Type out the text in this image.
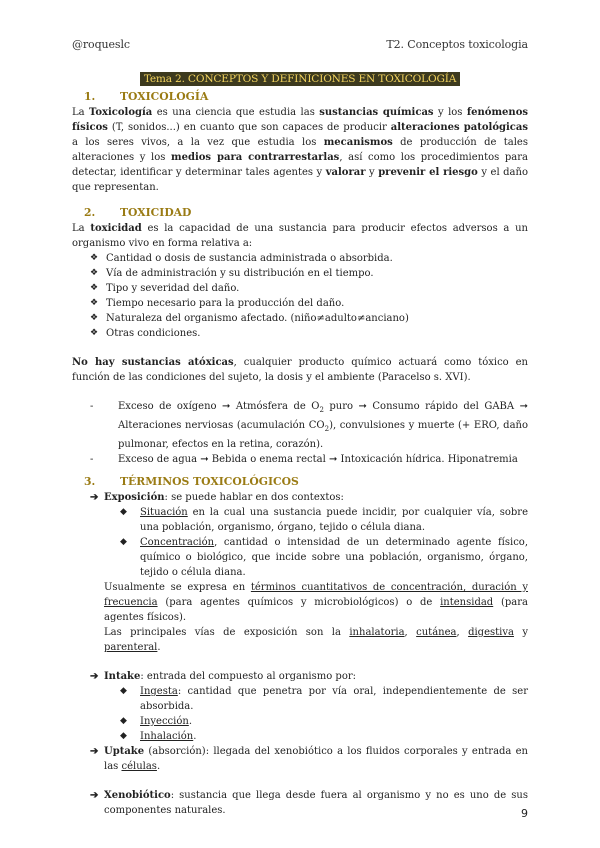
@roqueslc	T2. Conceptos toxicologia
Tema 2. CONCEPTOS Y DEFINICIONES EN TOXICOLOGÍA
1.	TOXICOLOGÍA

La Toxicología es una ciencia que estudia las sustancias químicas y los fenómenos físicos (T, sonidos...) en cuanto que son capaces de producir alteraciones patológicas a los seres vivos, a la vez que estudia los mecanismos de producción de tales alteraciones y los medios para contrarrestarlas, así como los procedimientos para detectar, identificar y determinar tales agentes y valorar y prevenir el riesgo y el daño que representan.

2.	TOXICIDAD

La toxicidad es la capacidad de una sustancia para producir efectos adversos a un organismo vivo en forma relativa a:

❖ Cantidad o dosis de sustancia administrada o absorbida.
❖ Vía de administración y su distribución en el tiempo.
❖ Tipo y severidad del daño.
❖ Tiempo necesario para la producción del daño.
❖ Naturaleza del organismo afectado. (niño≠adulto≠anciano)
❖ Otras condiciones.

No hay sustancias atóxicas, cualquier producto químico actuará como tóxico en función de las condiciones del sujeto, la dosis y el ambiente (Paracelso s. XVI).

-	Exceso de oxígeno ➞ Atmósfera de $O_2$ puro ➞ Consumo rápido del GABA ➞ Alteraciones nerviosas (acumulación $CO_2$), convulsiones y muerte (+ ERO, daño pulmonar, efectos en la retina, corazón).
-	Exceso de agua ➞ Bebida o enema rectal ➞ Intoxicación hídrica. Hiponatremia
3.	TÉRMINOS TOXICOLÓGICOS
➔ Exposición: se puede hablar en dos contextos:
◆	Situación en la cual una sustancia puede incidir, por cualquier vía, sobre una población, organismo, órgano, tejido o célula diana.
◆	Concentración, cantidad o intensidad de un determinado agente físico, químico o biológico, que incide sobre una población, organismo, órgano, tejido o célula diana.

Usualmente se expresa en términos cuantitativos de concentración, duración y frecuencia (para agentes químicos y microbiológicos) o de intensidad (para agentes físicos).

Las principales vías de exposición son la inhalatoria, cutánea, digestiva y parenteral.

➔ Intake: entrada del compuesto al organismo por:
◆	Ingesta: cantidad que penetra por vía oral, independientemente de ser absorbida.
◆	Inyección.
◆	Inhalación.
➔ Uptake (absorción): llegada del xenobiótico a los fluidos corporales y entrada en las células.

➔ Xenobiótico: sustancia que llega desde fuera al organismo y no es uno de sus componentes naturales.	9
